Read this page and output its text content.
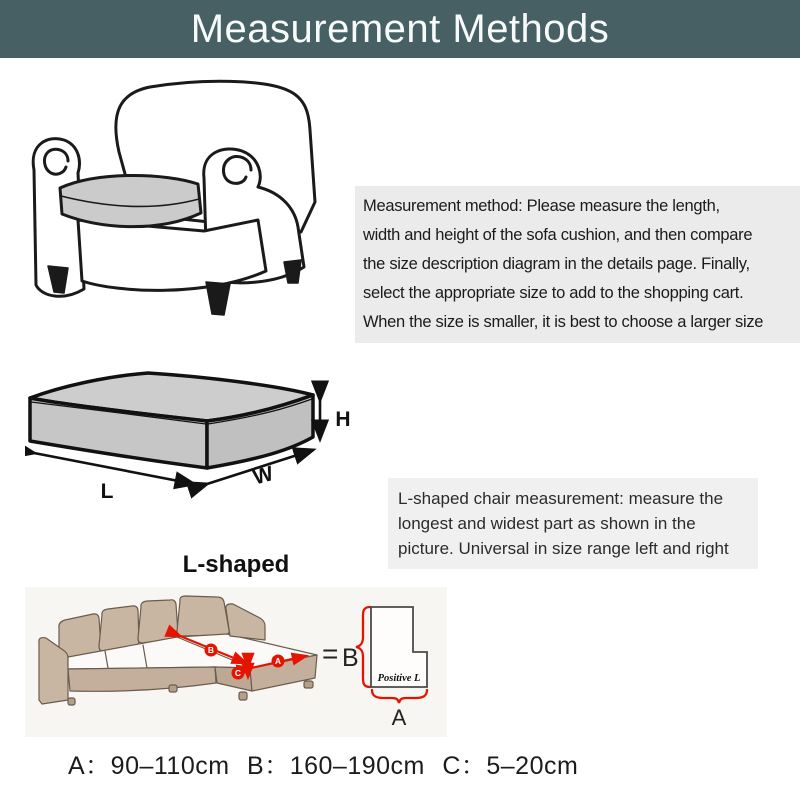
Measurement Methods
Measurement method: Please measure the length,
width and height of the sofa cushion, and then compare
the size description diagram in the details page. Finally,
select the appropriate size to add to the shopping cart.
When the size is smaller, it is best to choose a larger size
L
W
H
L-shaped chair measurement: measure the
longest and widest part as shown in the
picture. Universal in size range left and right
L-shaped
B
A
C
= B
Positive L
A
A：90–110cm B：160–190cm C：5–20cm
